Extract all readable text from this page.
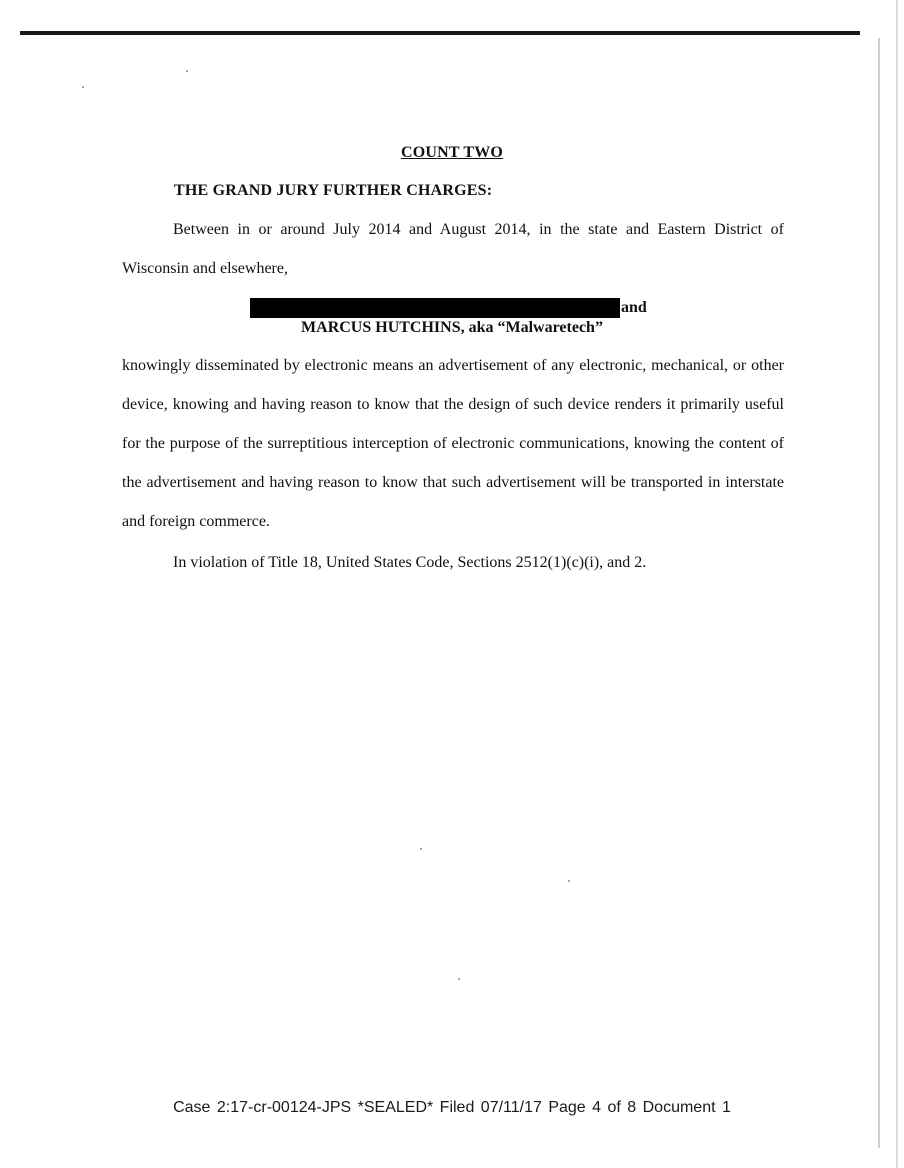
COUNT TWO
THE GRAND JURY FURTHER CHARGES:
Between in or around July 2014 and August 2014, in the state and Eastern District of Wisconsin and elsewhere,
and
MARCUS HUTCHINS, aka “Malwaretech”
knowingly disseminated by electronic means an advertisement of any electronic, mechanical, or other device, knowing and having reason to know that the design of such device renders it primarily useful for the purpose of the surreptitious interception of electronic communications, knowing the content of the advertisement and having reason to know that such advertisement will be transported in interstate and foreign commerce.
In violation of Title 18, United States Code, Sections 2512(1)(c)(i), and 2.
Case 2:17-cr-00124-JPS *SEALED* Filed 07/11/17 Page 4 of 8 Document 1
